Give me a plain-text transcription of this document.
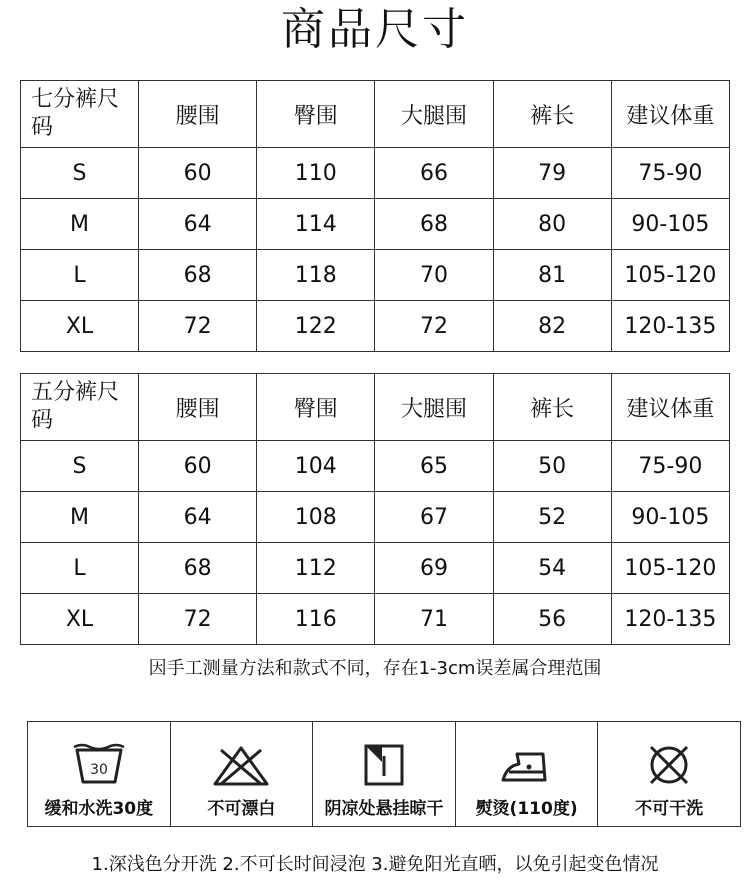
商品尺寸
七分裤尺码	腰围	臀围	大腿围	裤长	建议体重
S	60	110	66	79	75-90
M	64	114	68	80	90-105
L	68	118	70	81	105-120
XL	72	122	72	82	120-135
五分裤尺码	腰围	臀围	大腿围	裤长	建议体重
S	60	104	65	50	75-90
M	64	108	67	52	90-105
L	68	112	69	54	105-120
XL	72	116	71	56	120-135
因手工测量方法和款式不同，存在1-3cm误差属合理范围
30
缓和水洗30度	不可漂白	阴凉处悬挂晾干 熨烫(110度)	不可干洗
1.深浅色分开洗 2.不可长时间浸泡 3.避免阳光直晒，以免引起变色情况
